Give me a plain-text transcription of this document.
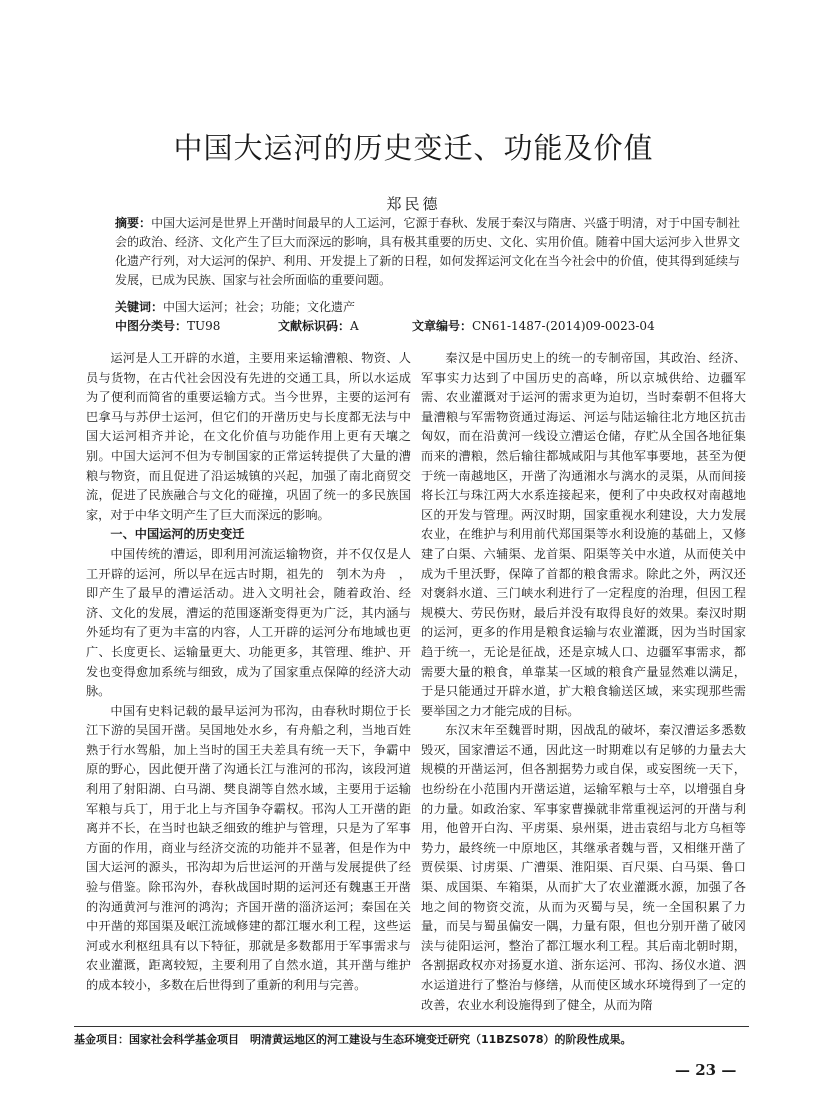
中国大运河的历史变迁、功能及价值
郑民德
摘要：中国大运河是世界上开凿时间最早的人工运河，它源于春秋、发展于秦汉与隋唐、兴盛于明清，对于中国专制社会的政治、经济、文化产生了巨大而深远的影响，具有极其重要的历史、文化、实用价值。随着中国大运河步入世界文化遗产行列，对大运河的保护、利用、开发提上了新的日程，如何发挥运河文化在当今社会中的价值，使其得到延续与发展，已成为民族、国家与社会所面临的重要问题。
关键词：中国大运河；社会；功能；文化遗产
中图分类号：TU98	文献标识码：A	文章编号：CN61-1487-(2014)09-0023-04

运河是人工开辟的水道，主要用来运输漕粮、物资、人员与货物，在古代社会因没有先进的交通工具，所以水运成为了便利而简省的重要运输方式。当今世界，主要的运河有巴拿马与苏伊士运河，但它们的开凿历史与长度都无法与中国大运河相齐并论，在文化价值与功能作用上更有天壤之别。中国大运河不但为专制国家的正常运转提供了大量的漕粮与物资，而且促进了沿运城镇的兴起，加强了南北商贸交流，促进了民族融合与文化的碰撞，巩固了统一的多民族国家，对于中华文明产生了巨大而深远的影响。

一、中国运河的历史变迁

中国传统的漕运，即利用河流运输物资，并不仅仅是人工开辟的运河，所以早在远古时期，祖先的　刳木为舟　，即产生了最早的漕运活动。进入文明社会，随着政治、经济、文化的发展，漕运的范围逐渐变得更为广泛，其内涵与外延均有了更为丰富的内容，人工开辟的运河分布地域也更广、长度更长、运输量更大、功能更多，其管理、维护、开发也变得愈加系统与细致，成为了国家重点保障的经济大动脉。

中国有史料记载的最早运河为邗沟，由春秋时期位于长江下游的吴国开凿。吴国地处水乡，有舟船之利，当地百姓熟于行水驾船，加上当时的国王夫差具有统一天下，争霸中原的野心，因此便开凿了沟通长江与淮河的邗沟，该段河道利用了射阳湖、白马湖、樊良湖等自然水域，主要用于运输军粮与兵丁，用于北上与齐国争夺霸权。邗沟人工开凿的距离并不长，在当时也缺乏细致的维护与管理，只是为了军事方面的作用，商业与经济交流的功能并不显著，但是作为中国大运河的源头，邗沟却为后世运河的开凿与发展提供了经验与借鉴。除邗沟外，春秋战国时期的运河还有魏惠王开凿的沟通黄河与淮河的鸿沟；齐国开凿的淄济运河；秦国在关中开凿的郑国渠及岷江流域修建的都江堰水利工程，这些运河或水利枢纽具有以下特征，那就是多数都用于军事需求与农业灌溉，距离较短，主要利用了自然水道，其开凿与维护的成本较小，多数在后世得到了重新的利用与完善。

秦汉是中国历史上的统一的专制帝国，其政治、经济、军事实力达到了中国历史的高峰，所以京城供给、边疆军需、农业灌溉对于运河的需求更为迫切，当时秦朝不但将大量漕粮与军需物资通过海运、河运与陆运输往北方地区抗击匈奴，而在沿黄河一线设立漕运仓储，存贮从全国各地征集而来的漕粮，然后输往都城咸阳与其他军事要地，甚至为便于统一南越地区，开凿了沟通湘水与漓水的灵渠，从而间接将长江与珠江两大水系连接起来，便利了中央政权对南越地区的开发与管理。两汉时期，国家重视水利建设，大力发展农业，在维护与利用前代郑国渠等水利设施的基础上，又修建了白渠、六辅渠、龙首渠、阳渠等关中水道，从而使关中成为千里沃野，保障了首都的粮食需求。除此之外，两汉还对褒斜水道、三门峡水利进行了一定程度的治理，但因工程规模大、劳民伤财，最后并没有取得良好的效果。秦汉时期的运河，更多的作用是粮食运输与农业灌溉，因为当时国家趋于统一，无论是征战，还是京城人口、边疆军事需求，都需要大量的粮食，单靠某一区域的粮食产量显然难以满足，于是只能通过开辟水道，扩大粮食输送区域，来实现那些需要举国之力才能完成的目标。

东汉末年至魏晋时期，因战乱的破坏，秦汉漕运多悉数毁灭，国家漕运不通，因此这一时期难以有足够的力量去大规模的开凿运河，但各割据势力或自保，或妄图统一天下，也纷纷在小范围内开凿运道，运输军粮与士卒，以增强自身的力量。如政治家、军事家曹操就非常重视运河的开凿与利用，他曾开白沟、平虏渠、泉州渠，进击袁绍与北方乌桓等势力，最终统一中原地区，其继承者魏与晋，又相继开凿了贾侯渠、讨虏渠、广漕渠、淮阳渠、百尺渠、白马渠、鲁口渠、成国渠、车箱渠，从而扩大了农业灌溉水源，加强了各地之间的物资交流，从而为灭蜀与吴，统一全国积累了力量，而吴与蜀虽偏安一隅，力量有限，但也分别开凿了破冈渎与徒阳运河，整治了都江堰水利工程。其后南北朝时期，各割据政权亦对扬夏水道、浙东运河、邗沟、扬仪水道、泗水运道进行了整治与修缮，从而使区域水环境得到了一定的改善，农业水利设施得到了健全，从而为隋

基金项目：国家社会科学基金项目　明清黄运地区的河工建设与生态环境变迁研究（11BZS078）的阶段性成果。
— 23 —
